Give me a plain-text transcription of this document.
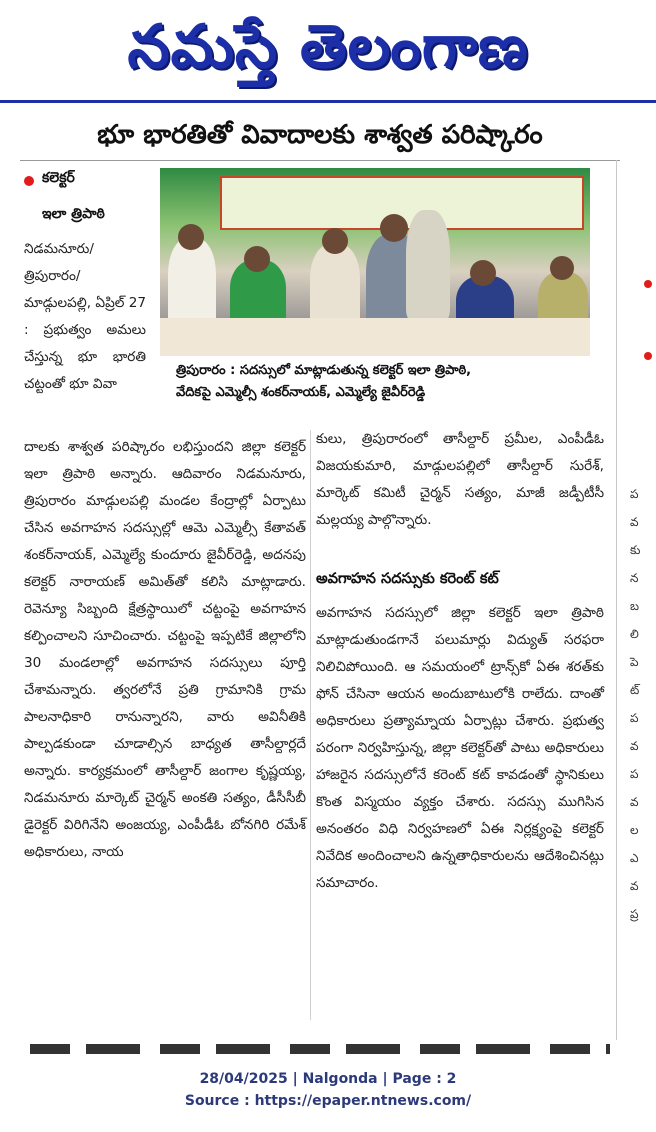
నమస్తే తెలంగాణ
భూ భారతితో వివాదాలకు శాశ్వత పరిష్కారం
కలెక్టర్
ఇలా త్రిపాఠి
త్రిపురారం : సదస్సులో మాట్లాడుతున్న కలెక్టర్ ఇలా త్రిపాఠి,
వేదికపై ఎమ్మెల్సీ శంకర్‌నాయక్, ఎమ్మెల్యే జైవీర్‌రెడ్డి

నిడమనూరు/త్రిపురారం/మాడ్గులపల్లి, ఏప్రిల్ 27 : ప్రభుత్వం అమలు చేస్తున్న భూ భారతి చట్టంతో భూ వివా

దాలకు శాశ్వత పరిష్కారం లభిస్తుందని జిల్లా కలెక్టర్ ఇలా త్రిపాఠి అన్నారు. ఆదివారం నిడమనూరు, త్రిపురారం మాడ్గులపల్లి మండల కేంద్రాల్లో ఏర్పాటు చేసిన అవగాహన సదస్సుల్లో ఆమె ఎమ్మెల్సీ కేతావత్ శంకర్‌నాయక్, ఎమ్మెల్యే కుందూరు జైవీర్‌రెడ్డి, అదనపు కలెక్టర్ నారాయణ్ అమిత్‌తో కలిసి మాట్లాడారు. రెవెన్యూ సిబ్బంది క్షేత్రస్థాయిలో చట్టంపై అవగాహన కల్పించాలని సూచించారు. చట్టంపై ఇప్పటికే జిల్లాలోని 30 మండలాల్లో అవగాహన సదస్సులు పూర్తి చేశామన్నారు. త్వరలోనే ప్రతి గ్రామానికి గ్రామ పాలనాధికారి రానున్నారని, వారు అవినీతికి పాల్పడకుండా చూడాల్సిన బాధ్యత తాసీల్దార్లదే అన్నారు. కార్యక్రమంలో తాసీల్దార్ జంగాల కృష్ణయ్య, నిడమనూరు మార్కెట్ చైర్మన్ అంకతి సత్యం, డీసీసీబీ డైరెక్టర్ విరిగినేని అంజయ్య, ఎంపీడీఓ బోనగిరి రమేశ్ అధికారులు, నాయ

కులు, త్రిపురారంలో తాసీల్దార్ ప్రమీల, ఎంపీడీఓ విజయకుమారి, మాడ్గులపల్లిలో తాసీల్దార్ సురేశ్, మార్కెట్ కమిటీ చైర్మన్ సత్యం, మాజీ జడ్పీటీసీ మల్లయ్య పాల్గొన్నారు.

అవగాహన సదస్సుకు కరెంట్ కట్

అవగాహన సదస్సులో జిల్లా కలెక్టర్ ఇలా త్రిపాఠి మాట్లాడుతుండగానే పలుమార్లు విద్యుత్ సరఫరా నిలిచిపోయింది. ఆ సమయంలో ట్రాన్స్‌కో ఏఈ శరత్‌కు ఫోన్ చేసినా ఆయన అందుబాటులోకి రాలేదు. దాంతో అధికారులు ప్రత్యామ్నాయ ఏర్పాట్లు చేశారు. ప్రభుత్వ పరంగా నిర్వహిస్తున్న, జిల్లా కలెక్టర్‌తో పాటు అధికారులు హాజరైన సదస్సులోనే కరెంట్ కట్ కావడంతో స్థానికులు కొంత విస్మయం వ్యక్తం చేశారు. సదస్సు ముగిసిన అనంతరం విధి నిర్వహణలో ఏఈ నిర్లక్ష్యంపై కలెక్టర్ నివేదిక అందించాలని ఉన్నతాధికారులను ఆదేశించినట్లు సమాచారం.

ప
వ
కు
న
బ
లి
పె
ట్
ప
వ
ప
వ
ల
ఎ
వ
ప్ర
28/04/2025 | Nalgonda | Page : 2
Source : https://epaper.ntnews.com/
